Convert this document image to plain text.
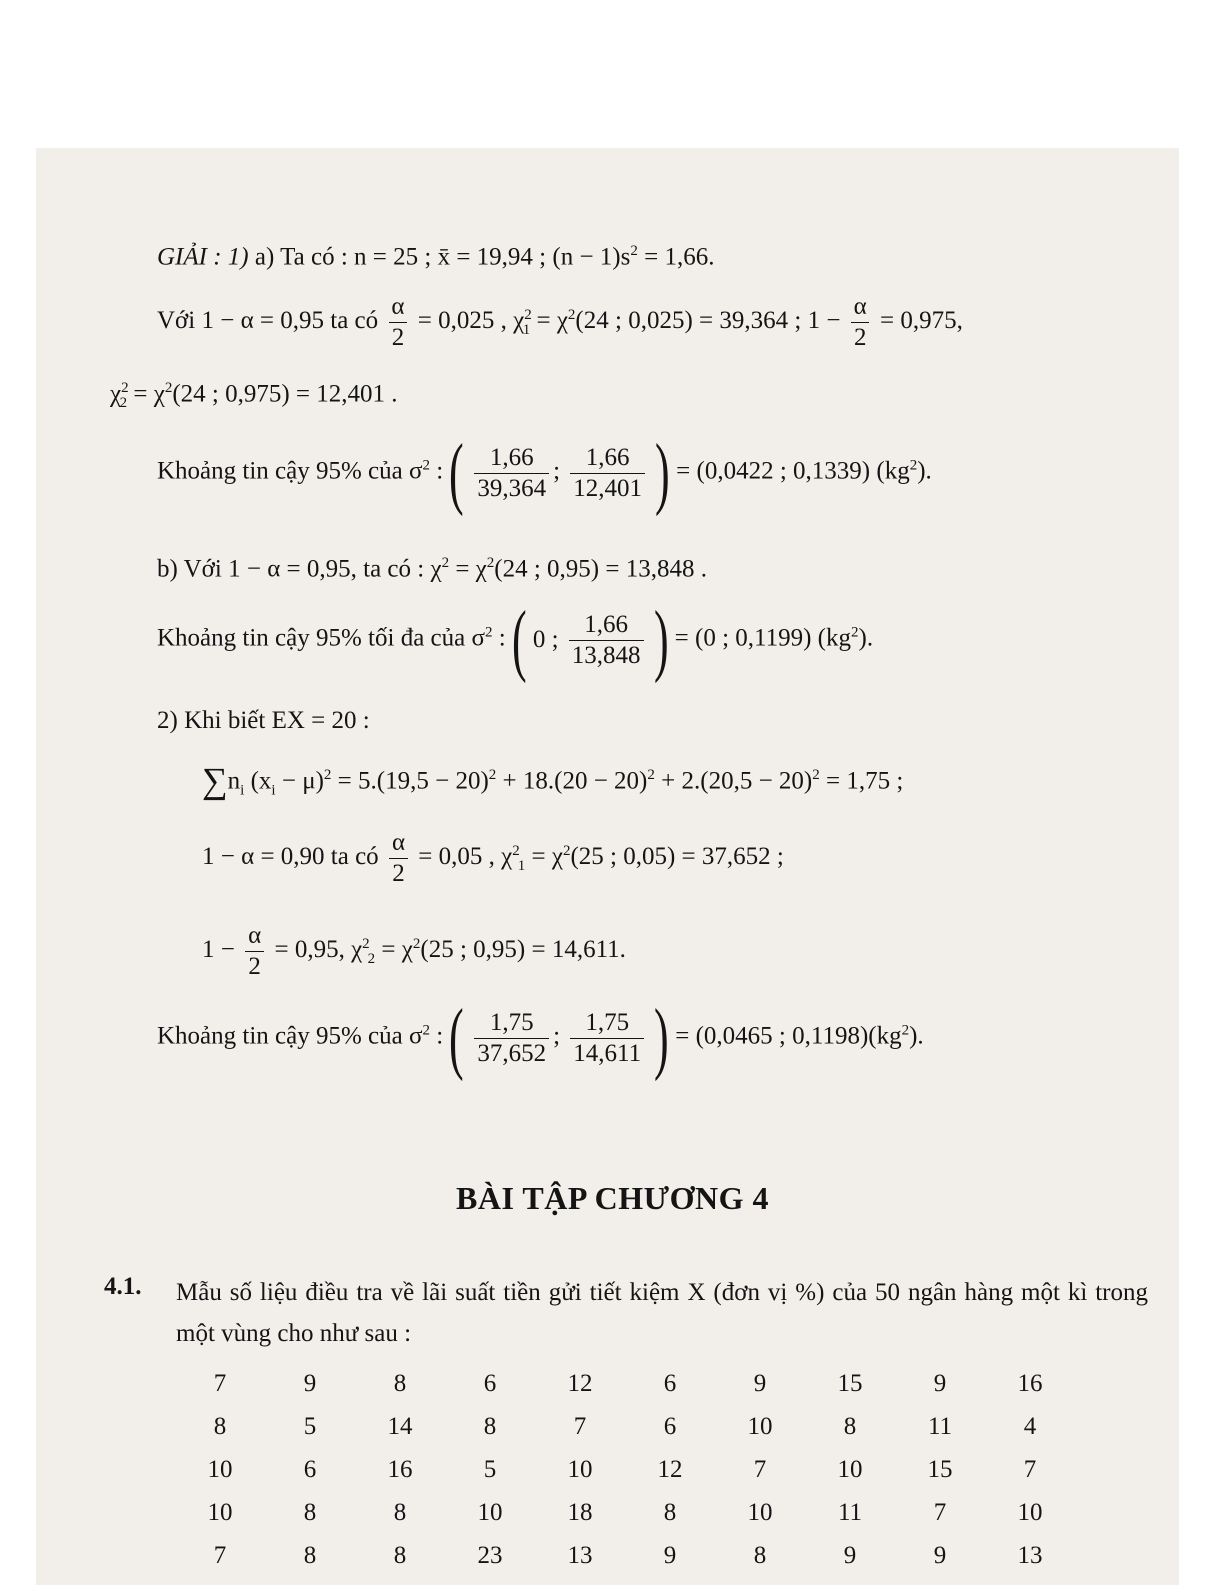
GIẢI : 1) a) Ta có : n = 25 ; x̄ = 19,94 ; $(n - 1)s^2 = 1,66$.
Với 1 − α = 0,95 ta có $\frac{\alpha}{2} = 0,025$ , $\chi^2_1 = \chi^2(24$ ; 0,025) = 39,364 ; $1 - \frac{\alpha}{2} = 0,975$,
$\chi^2_2 = \chi^2(24$ ; 0,975) = 12,401 .
Khoảng tin cậy 95% của $\sigma^2$ : ( $\frac{1,66}{39,364}$ ; $\frac{1,66}{12,401}$ ) = (0,0422 ; 0,1339) $(kg^2)$.
b) Với 1 − α = 0,95, ta có : $\chi^2 = \chi^2(24$ ; 0,95) = 13,848 .
Khoảng tin cậy 95% tối đa của $\sigma^2$ : ( 0 ; $\frac{1,66}{13,848}$ ) = (0 ; 0,1199) $(kg^2)$.
2) Khi biết EX = 20 :
$\sum n_i$ $(x_i - \mu)^2 = 5.(19,5 - 20)^2 + 18.(20 - 20)^2 + 2.(20,5 - 20)^2 = 1,75$ ;
1 − α = 0,90 ta có $\frac{\alpha}{2} = 0,05$ , $\chi^2_1 = \chi^2(25$ ; 0,05) = 37,652 ;
$1 - \frac{\alpha}{2} = 0,95$, $\chi^2_2 = \chi^2(25$ ; 0,95) = 14,611.
Khoảng tin cậy 95% của $\sigma^2$ : ( $\frac{1,75}{37,652}$ ; $\frac{1,75}{14,611}$ ) = (0,0465 ; $0,1198)(kg^2)$.
BÀI TẬP CHƯƠNG 4
4.1. Mẫu số liệu điều tra về lãi suất tiền gửi tiết kiệm X (đơn vị %) của 50 ngân hàng một kì trong một vùng cho như sau :
7	9	8	6	12	6	9	15	9	16
8	5	14	8	7	6	10	8	11	4
10	6	16	5	10	12	7	10	15	7
10	8	8	10	18	8	10	11	7	10
7	8	8	23	13	9	8	9	9	13
